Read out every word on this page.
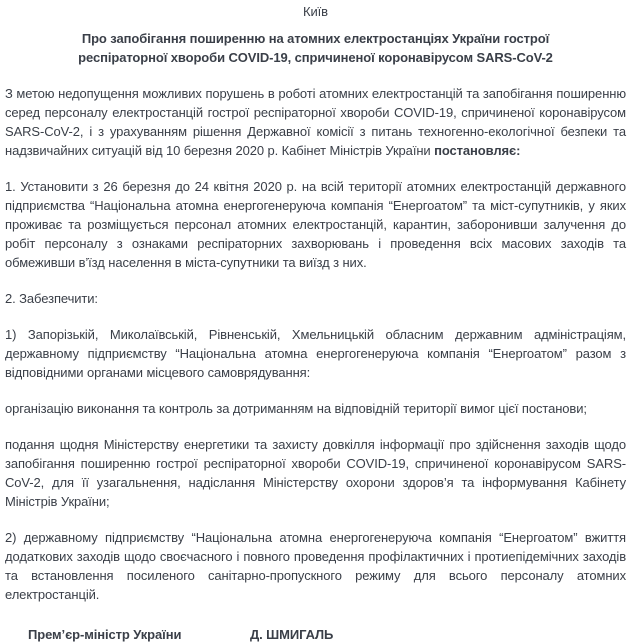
Київ

Про запобігання поширенню на атомних електростанціях України гострої респіраторної хвороби COVID-19, спричиненої коронавірусом SARS-CoV-2

З метою недопущення можливих порушень в роботі атомних електростанцій та запобігання поширенню серед персоналу електростанцій гострої респіраторної хвороби COVID-19, спричиненої коронавірусом SARS-CoV-2, і з урахуванням рішення Державної комісії з питань техногенно-екологічної безпеки та надзвичайних ситуацій від 10 березня 2020 р. Кабінет Міністрів України постановляє:

1. Установити з 26 березня до 24 квітня 2020 р. на всій території атомних електростанцій державного підприємства “Національна атомна енергогенеруюча компанія “Енергоатом” та міст-супутників, у яких проживає та розміщується персонал атомних електростанцій, карантин, заборонивши залучення до робіт персоналу з ознаками респіраторних захворювань і проведення всіх масових заходів та обмеживши в’їзд населення в міста-супутники та виїзд з них.

2. Забезпечити:

1) Запорізькій, Миколаївській, Рівненській, Хмельницькій обласним державним адміністраціям, державному підприємству “Національна атомна енергогенеруюча компанія “Енергоатом” разом з відповідними органами місцевого самоврядування:

організацію виконання та контроль за дотриманням на відповідній території вимог цієї постанови;

подання щодня Міністерству енергетики та захисту довкілля інформації про здійснення заходів щодо запобігання поширенню гострої респіраторної хвороби COVID-19, спричиненої коронавірусом SARS-CoV-2, для її узагальнення, надіслання Міністерству охорони здоров’я та інформування Кабінету Міністрів України;

2) державному підприємству “Національна атомна енергогенеруюча компанія “Енергоатом” вжиття додаткових заходів щодо своєчасного і повного проведення профілактичних і протиепідемічних заходів та встановлення посиленого санітарно-пропускного режиму для всього персоналу атомних електростанцій.

Прем’єр-міністр України	Д. ШМИГАЛЬ
